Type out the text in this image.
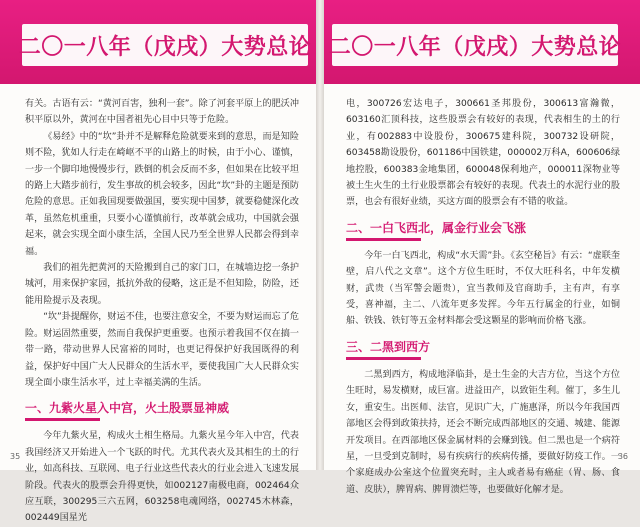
二〇一八年（戊戌）大势总论

有关。古语有云：“黄河百害，独利一套”。除了河套平原上的肥沃冲积平原以外，黄河在中国者祖先心目中只等于危险。

《易经》中的“坎”卦并不是解释危险就要来到的意思，而是知险则不险，犹如人行走在崎岖不平的山路上的时候，由于小心、谨慎，一步一个脚印地慢慢步行，跌倒的机会反而不多，但如果在比较平坦的路上大踏步前行，发生事故的机会较多，因此“坎”卦的主题是预防危险的意思。正如我国现要做强国，要实现中国梦，就要稳健深化改革，虽然危机重重，只要小心谨慎前行，改革就会成功，中国就会强起来，就会实现全面小康生活，全国人民乃至全世界人民都会得到幸福。

我们的祖先把黄河的天险搬到自己的家门口，在城墙边挖一条护城河，用来保护家园，抵抗外敌的侵略，这正是不但知险，防险，还能用险提示及表现。

“坎”卦提醒你，财运不佳，也要注意安全，不要为财运而忘了危险。财运固然重要，然而自我保护更重要。也预示着我国不仅在搞一带一路，带动世界人民富裕的同时，也更记得保护好我国既得的利益，保护好中国广大人民群众的生活水平，要使我国广大人民群众实现全面小康生活水平，过上幸福美满的生活。

一、九紫火星入中宫，火土股票显神威

今年九紫火星，构成火土相生格局。九紫火星今年入中宫，代表我国经济又开始进入一个飞跃的时代。尤其代表火及其相生的土的行业，如高科技、互联网、电子行业这些代表火的行业会进入飞速发展阶段。代表火的股票会升得更快，如002127南极电商，002464众应互联，300295三六五网，603258电魂网络，002745木林森，002449国星光

35
二〇一八年（戊戌）大势总论

电，300726宏达电子，300661圣邦股份，300613富瀚微，603160汇顶科技，这些股票会有较好的表现，代表相生的土的行业，有002883中设股份，300675建科院，300732设研院，603458勘设股份，601186中国铁建，000002万科A，600606绿地控股，600383金地集团，600048保利地产，000011深物业等被土生火生的土行业股票都会有较好的表现。代表土的水泥行业的股票，也会有很好业绩，买这方面的股票会有不错的收益。

二、一白飞西北，属金行业会飞涨

今年一白飞西北，构成“水天需”卦。《玄空秘旨》有云：“虚联奎壁，启八代之文章”。这个方位生旺时，不仅大旺科名，中年发横财，武贵（当军警会题贵），宜当教师及官商助手，主有声，有享受，喜神福，主二、八流年更多发挥。今年五行属金的行业，如铜船、铁钱、铁钉等五金材料都会受这颗星的影响而价格飞涨。

三、二黑到西方

二黑到西方，构成地泽临卦，是土生金的大吉方位，当这个方位生旺时，易发横财，成巨富。进益田产，以致钜生利。催丁，多生儿女，重安生。出医师、法官，见识广大，广施惠泽，所以今年我国西部地区会得到政策扶持，还会不断完成西部地区的交通、城建、能源开发项目。在西部地区保金属材料的会赚到钱。但二黑也是一个病符星，一旦受到克制时，易有疾病行的疾病传播，要做好防疫工作。一个家庭成办公室这个位置突充时，主人或者易有癌症（胃、肠、食道、皮肤），脾胃病、脾胃溃烂等，也要做好化解才是。

36
